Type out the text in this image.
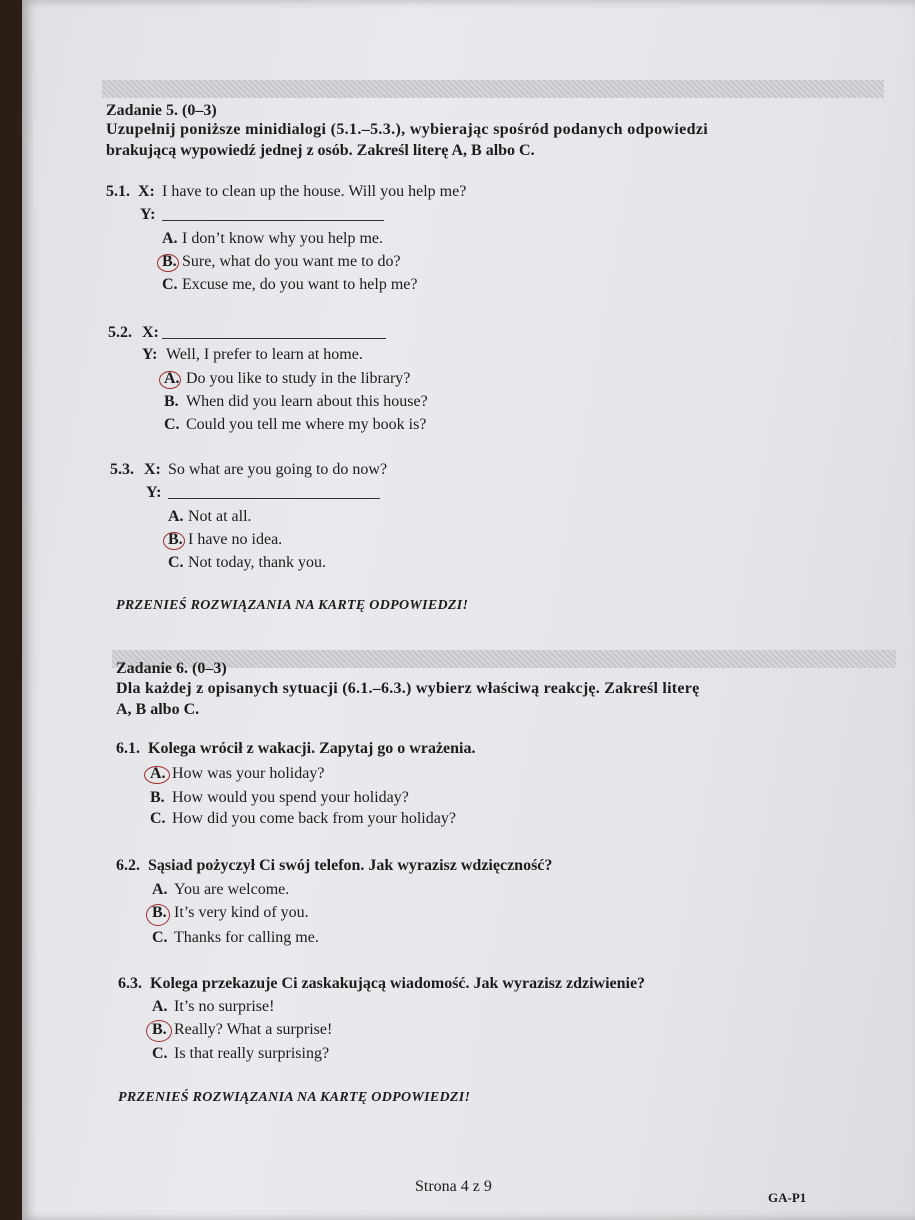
Zadanie 5. (0–3)
Uzupełnij poniższe minidialogi (5.1.–5.3.), wybierając spośród podanych odpowiedzi
brakującą wypowiedź jednej z osób. Zakreśl literę A, B albo C.
5.1. X: I have to clean up the house. Will you help me?
Y:
A. I don’t know why you help me.
B. Sure, what do you want me to do?
C. Excuse me, do you want to help me?
5.2. X:
Y: Well, I prefer to learn at home.
A. Do you like to study in the library?
B. When did you learn about this house?
C. Could you tell me where my book is?
5.3. X: So what are you going to do now?
Y:
A. Not at all.
B. I have no idea.
C. Not today, thank you.
PRZENIEŚ ROZWIĄZANIA NA KARTĘ ODPOWIEDZI!
Zadanie 6. (0–3)
Dla każdej z opisanych sytuacji (6.1.–6.3.) wybierz właściwą reakcję. Zakreśl literę
A, B albo C.
6.1. Kolega wrócił z wakacji. Zapytaj go o wrażenia.
A. How was your holiday?
B. How would you spend your holiday?
C. How did you come back from your holiday?
6.2. Sąsiad pożyczył Ci swój telefon. Jak wyrazisz wdzięczność?
A. You are welcome.
B. It’s very kind of you.
C. Thanks for calling me.
6.3. Kolega przekazuje Ci zaskakującą wiadomość. Jak wyrazisz zdziwienie?
A. It’s no surprise!
B. Really? What a surprise!
C. Is that really surprising?
PRZENIEŚ ROZWIĄZANIA NA KARTĘ ODPOWIEDZI!
Strona 4 z 9
GA-P1
